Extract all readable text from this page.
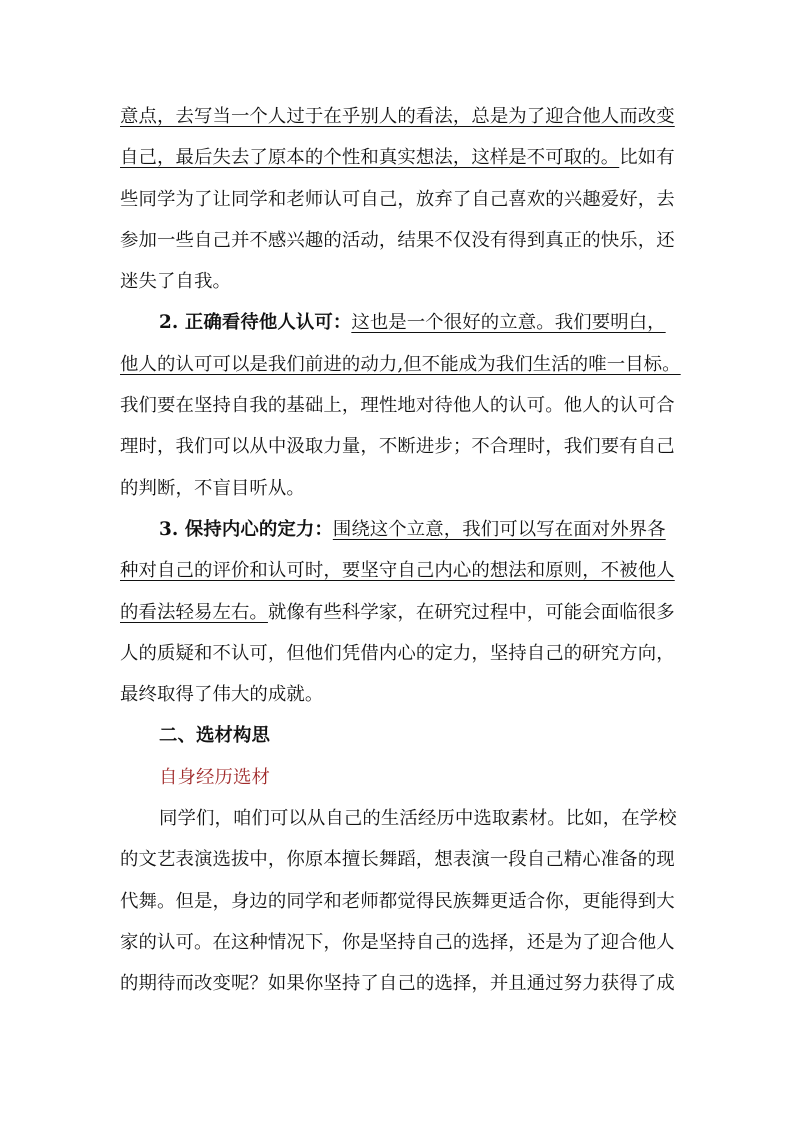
意点，去写当一个人过于在乎别人的看法，总是为了迎合他人而改变
自己，最后失去了原本的个性和真实想法，这样是不可取的。比如有
些同学为了让同学和老师认可自己，放弃了自己喜欢的兴趣爱好，去
参加一些自己并不感兴趣的活动，结果不仅没有得到真正的快乐，还
迷失了自我。
2. 正确看待他人认可：这也是一个很好的立意。我们要明白，
他人的认可可以是我们前进的动力,但不能成为我们生活的唯一目标。
我们要在坚持自我的基础上，理性地对待他人的认可。他人的认可合
理时，我们可以从中汲取力量，不断进步；不合理时，我们要有自己
的判断，不盲目听从。
3. 保持内心的定力：围绕这个立意，我们可以写在面对外界各
种对自己的评价和认可时，要坚守自己内心的想法和原则，不被他人
的看法轻易左右。就像有些科学家，在研究过程中，可能会面临很多
人的质疑和不认可，但他们凭借内心的定力，坚持自己的研究方向，
最终取得了伟大的成就。
二、选材构思
自身经历选材
同学们，咱们可以从自己的生活经历中选取素材。比如，在学校
的文艺表演选拔中，你原本擅长舞蹈，想表演一段自己精心准备的现
代舞。但是，身边的同学和老师都觉得民族舞更适合你，更能得到大
家的认可。在这种情况下，你是坚持自己的选择，还是为了迎合他人
的期待而改变呢？如果你坚持了自己的选择，并且通过努力获得了成
